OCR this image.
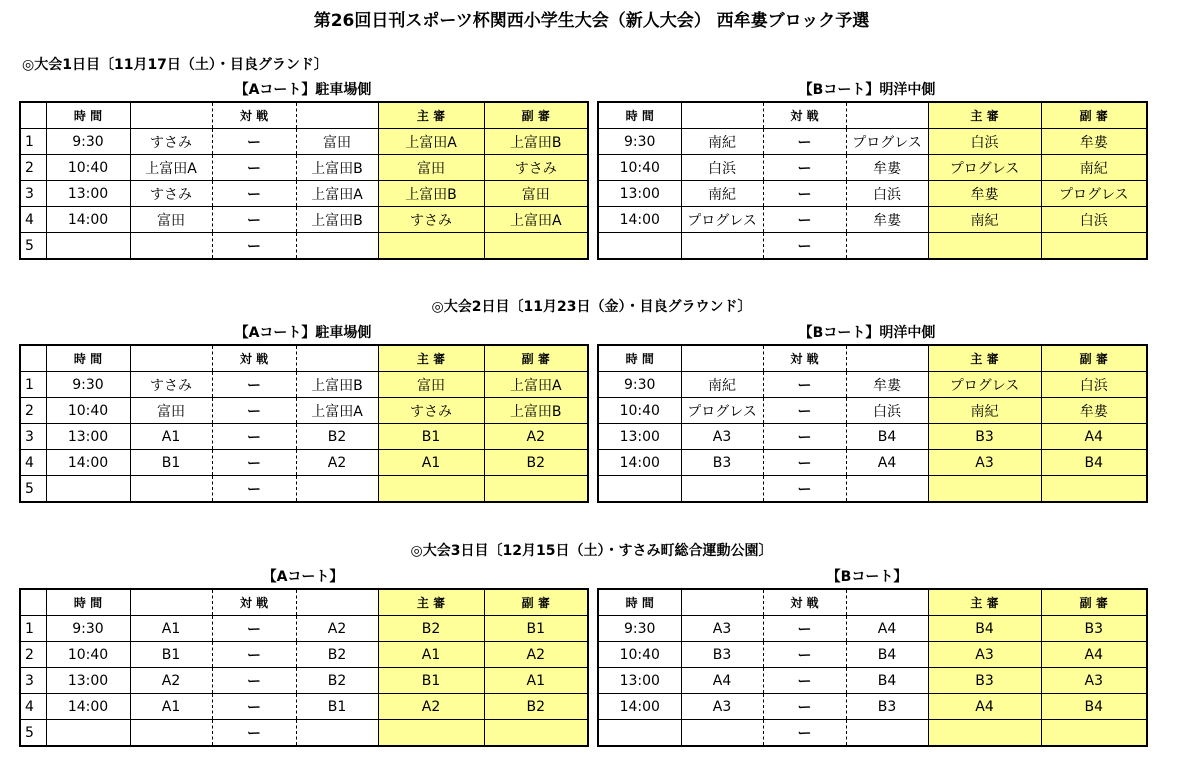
第26回日刊スポーツ杯関西小学生大会（新人大会） 西牟婁ブロック予選
◎大会1日目〔11月17日（土）・目良グランド〕
【Aコート】駐車場側
	時 間		対 戦		主 審	副 審
1	9:30	すさみ	ー	富田	上富田A	上富田B
2	10:40	上富田A	ー	上富田B	富田	すさみ
3	13:00	すさみ	ー	上富田A	上富田B	富田
4	14:00	富田	ー	上富田B	すさみ	上富田A
5			ー			
【Bコート】明洋中側
時 間		対 戦		主 審	副 審
9:30	南紀	ー	プログレス	白浜	牟婁
10:40	白浜	ー	牟婁	プログレス	南紀
13:00	南紀	ー	白浜	牟婁	プログレス
14:00	プログレス	ー	牟婁	南紀	白浜
		ー			
◎大会2日目〔11月23日（金）・目良グラウンド〕
【Aコート】駐車場側
	時 間		対 戦		主 審	副 審
1	9:30	すさみ	ー	上富田B	富田	上富田A
2	10:40	富田	ー	上富田A	すさみ	上富田B
3	13:00	A1	ー	B2	B1	A2
4	14:00	B1	ー	A2	A1	B2
5			ー			
【Bコート】明洋中側
時 間		対 戦		主 審	副 審
9:30	南紀	ー	牟婁	プログレス	白浜
10:40	プログレス	ー	白浜	南紀	牟婁
13:00	A3	ー	B4	B3	A4
14:00	B3	ー	A4	A3	B4
		ー			
◎大会3日目〔12月15日（土）・すさみ町総合運動公園〕
【Aコート】
	時 間		対 戦		主 審	副 審
1	9:30	A1	ー	A2	B2	B1
2	10:40	B1	ー	B2	A1	A2
3	13:00	A2	ー	B2	B1	A1
4	14:00	A1	ー	B1	A2	B2
5			ー			
【Bコート】
時 間		対 戦		主 審	副 審
9:30	A3	ー	A4	B4	B3
10:40	B3	ー	B4	A3	A4
13:00	A4	ー	B4	B3	A3
14:00	A3	ー	B3	A4	B4
		ー			
